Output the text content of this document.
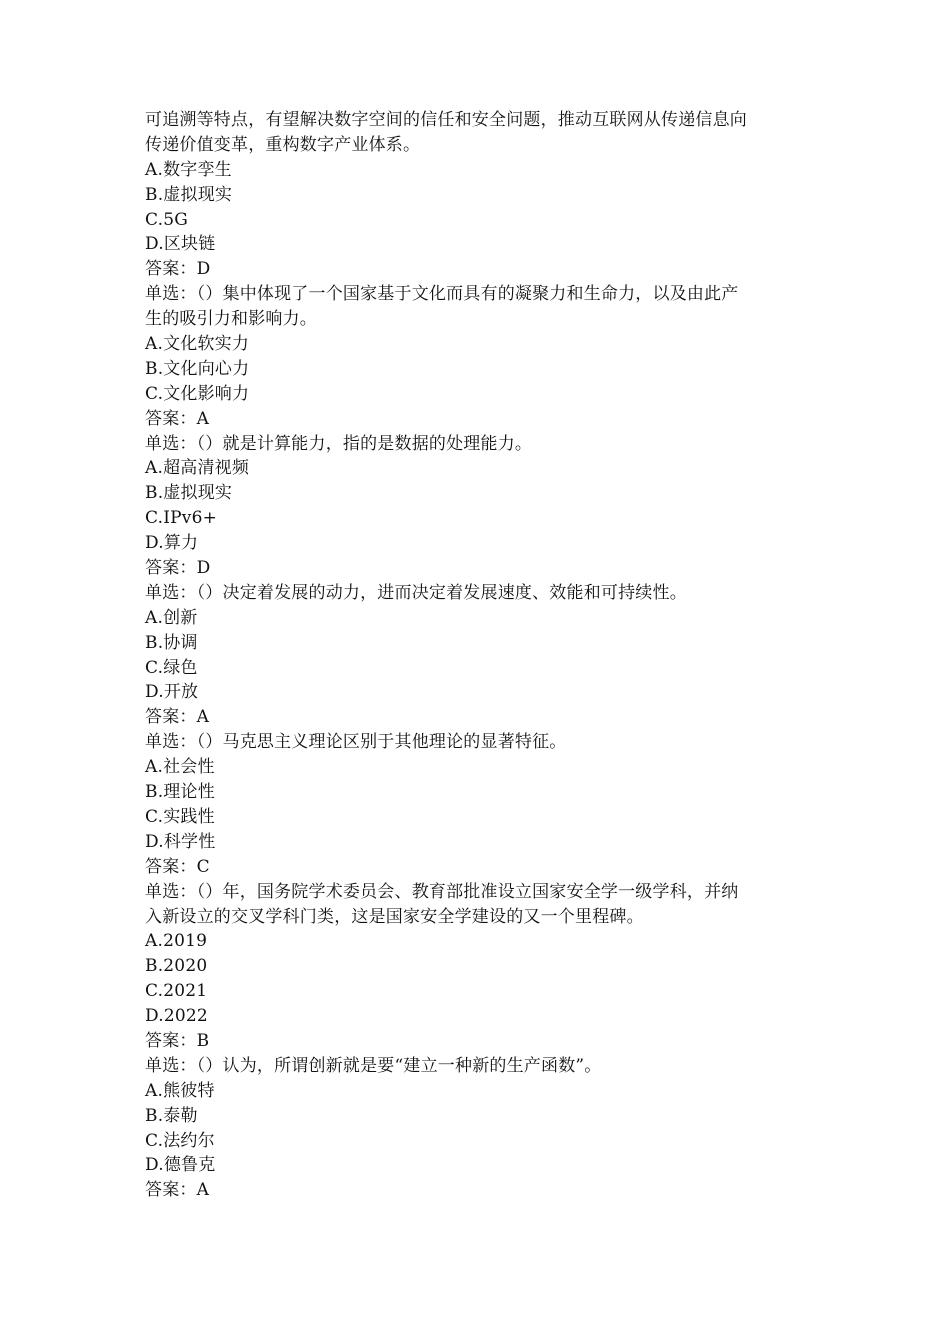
可追溯等特点，有望解决数字空间的信任和安全问题，推动互联网从传递信息向
传递价值变革，重构数字产业体系。
A.数字孪生
B.虚拟现实
C.5G
D.区块链
答案：D
单选：（）集中体现了一个国家基于文化而具有的凝聚力和生命力，以及由此产
生的吸引力和影响力。
A.文化软实力
B.文化向心力
C.文化影响力
答案：A
单选：（）就是计算能力，指的是数据的处理能力。
A.超高清视频
B.虚拟现实
C.IPv6+
D.算力
答案：D
单选：（）决定着发展的动力，进而决定着发展速度、效能和可持续性。
A.创新
B.协调
C.绿色
D.开放
答案：A
单选：（）马克思主义理论区别于其他理论的显著特征。
A.社会性
B.理论性
C.实践性
D.科学性
答案：C
单选：（）年，国务院学术委员会、教育部批准设立国家安全学一级学科，并纳
入新设立的交叉学科门类，这是国家安全学建设的又一个里程碑。
A.2019
B.2020
C.2021
D.2022
答案：B
单选：（）认为，所谓创新就是要“建立一种新的生产函数”。
A.熊彼特
B.泰勒
C.法约尔
D.德鲁克
答案：A
